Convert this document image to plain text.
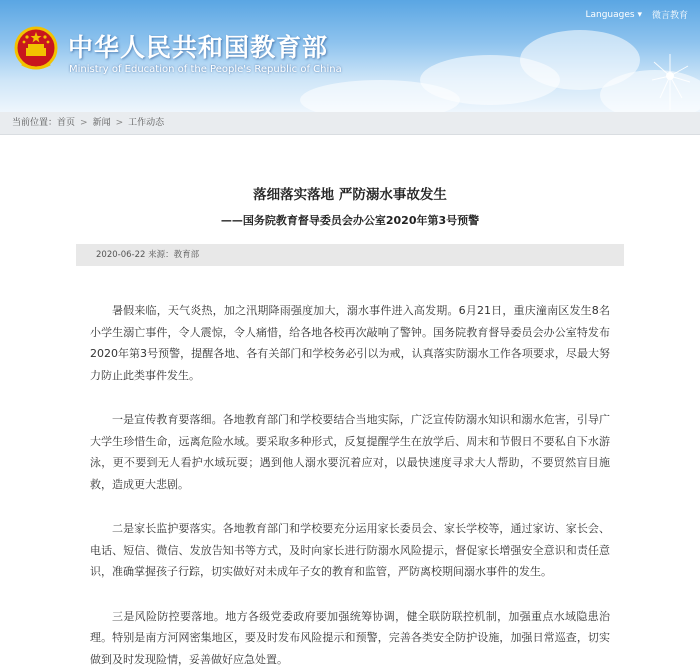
中华人民共和国教育部
Ministry of Education of the People's Republic of China
Languages ▾ 微言教育
当前位置：首页 > 新闻 > 工作动态
落细落实落地 严防溺水事故发生
——国务院教育督导委员会办公室2020年第3号预警
2020-06-22 来源：教育部

暑假来临，天气炎热，加之汛期降雨强度加大，溺水事件进入高发期。6月21日，重庆潼南区发生8名小学生溺亡事件，令人震惊，令人痛惜，给各地各校再次敲响了警钟。国务院教育督导委员会办公室特发布2020年第3号预警，提醒各地、各有关部门和学校务必引以为戒，认真落实防溺水工作各项要求，尽最大努力防止此类事件发生。

一是宣传教育要落细。各地教育部门和学校要结合当地实际，广泛宣传防溺水知识和溺水危害，引导广大学生珍惜生命，远离危险水域。要采取多种形式，反复提醒学生在放学后、周末和节假日不要私自下水游泳，更不要到无人看护水域玩耍；遇到他人溺水要沉着应对，以最快速度寻求大人帮助，不要贸然盲目施救，造成更大悲剧。

二是家长监护要落实。各地教育部门和学校要充分运用家长委员会、家长学校等，通过家访、家长会、电话、短信、微信、发放告知书等方式，及时向家长进行防溺水风险提示，督促家长增强安全意识和责任意识，准确掌握孩子行踪，切实做好对未成年子女的教育和监管，严防离校期间溺水事件的发生。

三是风险防控要落地。地方各级党委政府要加强统筹协调，健全联防联控机制，加强重点水域隐患治理。特别是南方河网密集地区，要及时发布风险提示和预警，完善各类安全防护设施，加强日常巡查，切实做到及时发现险情，妥善做好应急处置。
